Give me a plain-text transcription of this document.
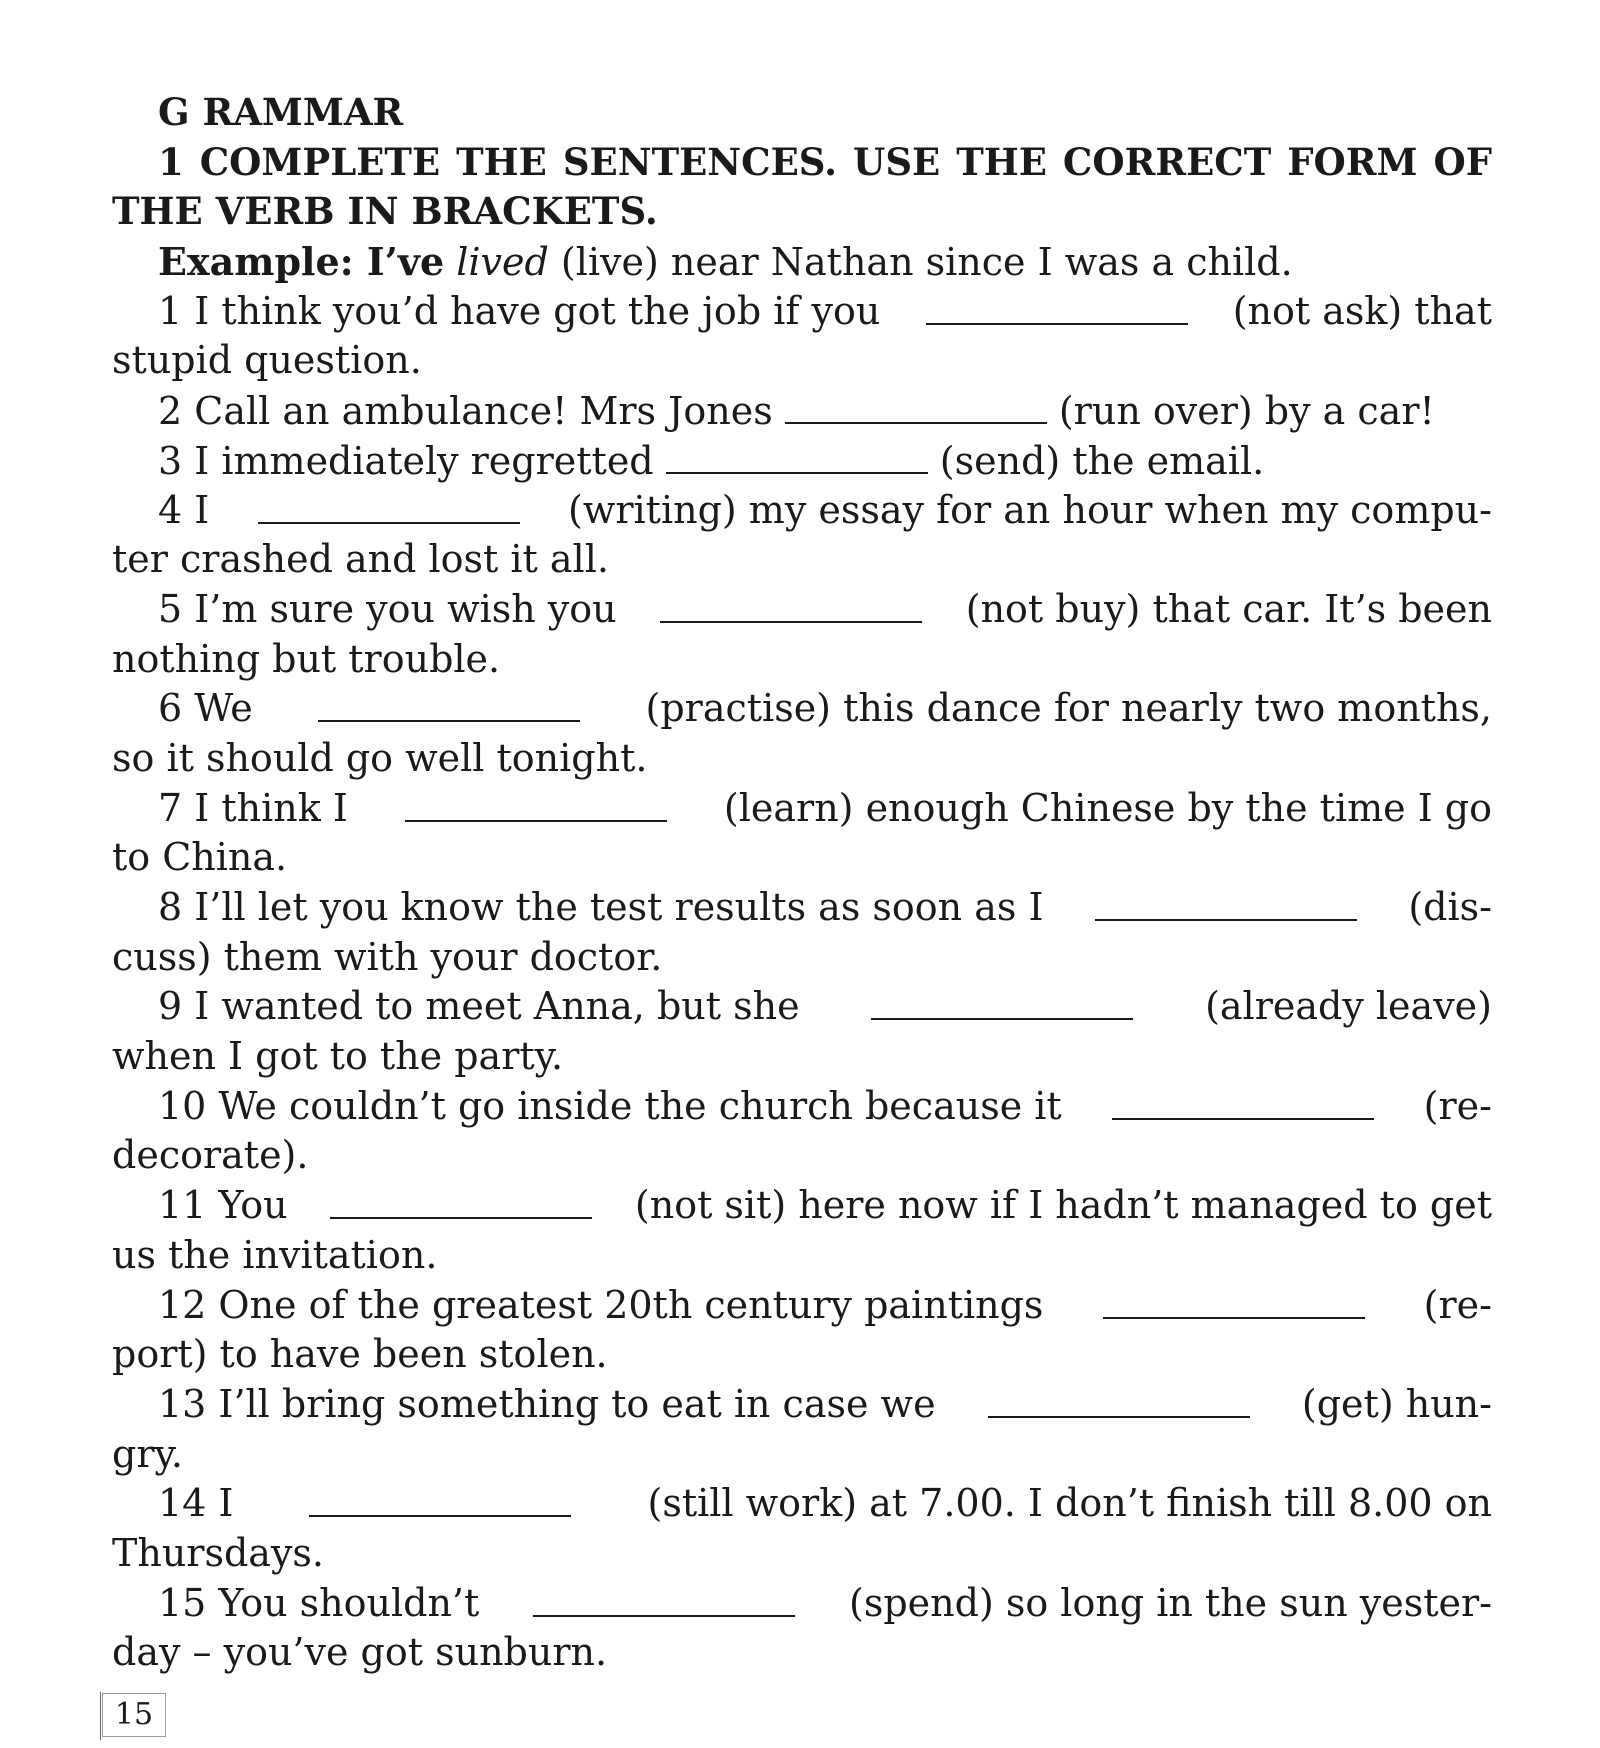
G RAMMAR
1 COMPLETE THE SENTENCES. USE THE CORRECT FORM OF
THE VERB IN BRACKETS.
Example: I’ve lived (live) near Nathan since I was a child.
1 I think you’d have got the job if you	(not ask) that
stupid question.
2 Call an ambulance! Mrs Jones	(run over) by a car!
3 I immediately regretted	(send) the email.
4 I	(writing) my essay for an hour when my compu-
ter crashed and lost it all.
5 I’m sure you wish you	(not buy) that car. It’s been
nothing but trouble.
6 We	(practise) this dance for nearly two months,
so it should go well tonight.
7 I think I	(learn) enough Chinese by the time I go
to China.
8 I’ll let you know the test results as soon as I	(dis-
cuss) them with your doctor.
9 I wanted to meet Anna, but she	(already leave)
when I got to the party.
10 We couldn’t go inside the church because it	(re-
decorate).
11 You	(not sit) here now if I hadn’t managed to get
us the invitation.
12 One of the greatest 20th century paintings	(re-
port) to have been stolen.
13 I’ll bring something to eat in case we	(get) hun-
gry.
14 I	(still work) at 7.00. I don’t finish till 8.00 on
Thursdays.
15 You shouldn’t	(spend) so long in the sun yester-
day – you’ve got sunburn.
15
